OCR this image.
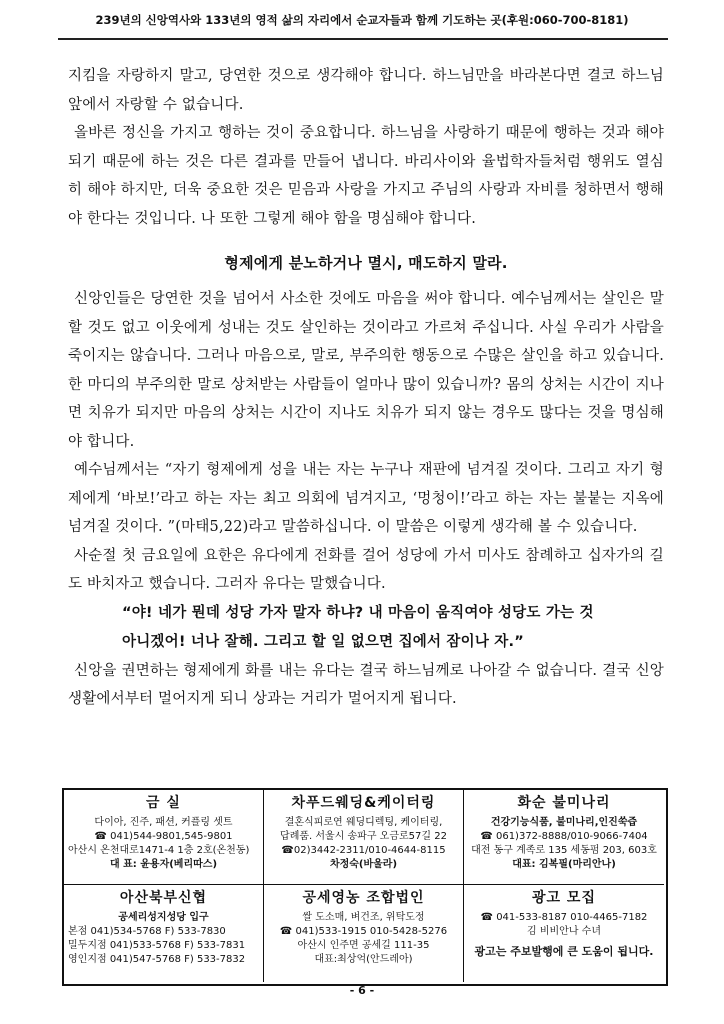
239년의 신앙역사와 133년의 영적 삶의 자리에서 순교자들과 함께 기도하는 곳(후원:060-700-8181)

지킴을 자랑하지 말고, 당연한 것으로 생각해야 합니다. 하느님만을 바라본다면 결코 하느님 앞에서 자랑할 수 없습니다.

올바른 정신을 가지고 행하는 것이 중요합니다. 하느님을 사랑하기 때문에 행하는 것과 해야 되기 때문에 하는 것은 다른 결과를 만들어 냅니다. 바리사이와 율법학자들처럼 행위도 열심히 해야 하지만, 더욱 중요한 것은 믿음과 사랑을 가지고 주님의 사랑과 자비를 청하면서 행해야 한다는 것입니다. 나 또한 그렇게 해야 함을 명심해야 합니다.

형제에게 분노하거나 멸시, 매도하지 말라.

신앙인들은 당연한 것을 넘어서 사소한 것에도 마음을 써야 합니다. 예수님께서는 살인은 말할 것도 없고 이웃에게 성내는 것도 살인하는 것이라고 가르쳐 주십니다. 사실 우리가 사람을 죽이지는 않습니다. 그러나 마음으로, 말로, 부주의한 행동으로 수많은 살인을 하고 있습니다. 한 마디의 부주의한 말로 상처받는 사람들이 얼마나 많이 있습니까? 몸의 상처는 시간이 지나면 치유가 되지만 마음의 상처는 시간이 지나도 치유가 되지 않는 경우도 많다는 것을 명심해야 합니다.

예수님께서는 “자기 형제에게 성을 내는 자는 누구나 재판에 넘겨질 것이다. 그리고 자기 형제에게 ‘바보!’라고 하는 자는 최고 의회에 넘겨지고, ‘멍청이!’라고 하는 자는 불붙는 지옥에 넘겨질 것이다. ”(마태5,22)라고 말씀하십니다. 이 말씀은 이렇게 생각해 볼 수 있습니다.

사순절 첫 금요일에 요한은 유다에게 전화를 걸어 성당에 가서 미사도 참례하고 십자가의 길도 바치자고 했습니다. 그러자 유다는 말했습니다.

“야! 네가 뭔데 성당 가자 말자 하냐? 내 마음이 움직여야 성당도 가는 것
아니겠어! 너나 잘해. 그리고 할 일 없으면 집에서 잠이나 자.”

신앙을 권면하는 형제에게 화를 내는 유다는 결국 하느님께로 나아갈 수 없습니다. 결국 신앙생활에서부터 멀어지게 되니 상과는 거리가 멀어지게 됩니다.

금 실
다이아, 진주, 패션, 커플링 셋트
☎ 041)544-9801,545-9801
아산시 온천대로1471-4 1층 2호(온천동)
대 표: 윤용자(베리따스)
차푸드웨딩&케이터링
결혼식피로연 웨딩디렉팅, 케이터링,
답례품. 서울시 송파구 오금로57길 22
☎02)3442-2311/010-4644-8115
차정숙(바울라)
화순 불미나리
건강기능식품, 불미나리,인진쑥즙
☎ 061)372-8888/010-9066-7404
대전 동구 계족로 135 세동펌 203, 603호
대표: 김복필(마리안나)
아산북부신협
공세리성지성당 입구
본점 041)534-5768 F) 533-7830
밀두지점 041)533-5768 F) 533-7831
영인지점 041)547-5768 F) 533-7832
공세영농 조합법인
쌀 도소매, 벼건조, 위탁도정
☎ 041)533-1915 010-5428-5276
아산시 인주면 공세길 111-35
대표:최상억(안드레아)
광고 모집
☎ 041-533-8187 010-4465-7182
김 비비안나 수녀
광고는 주보발행에 큰 도움이 됩니다.
- 6 -
